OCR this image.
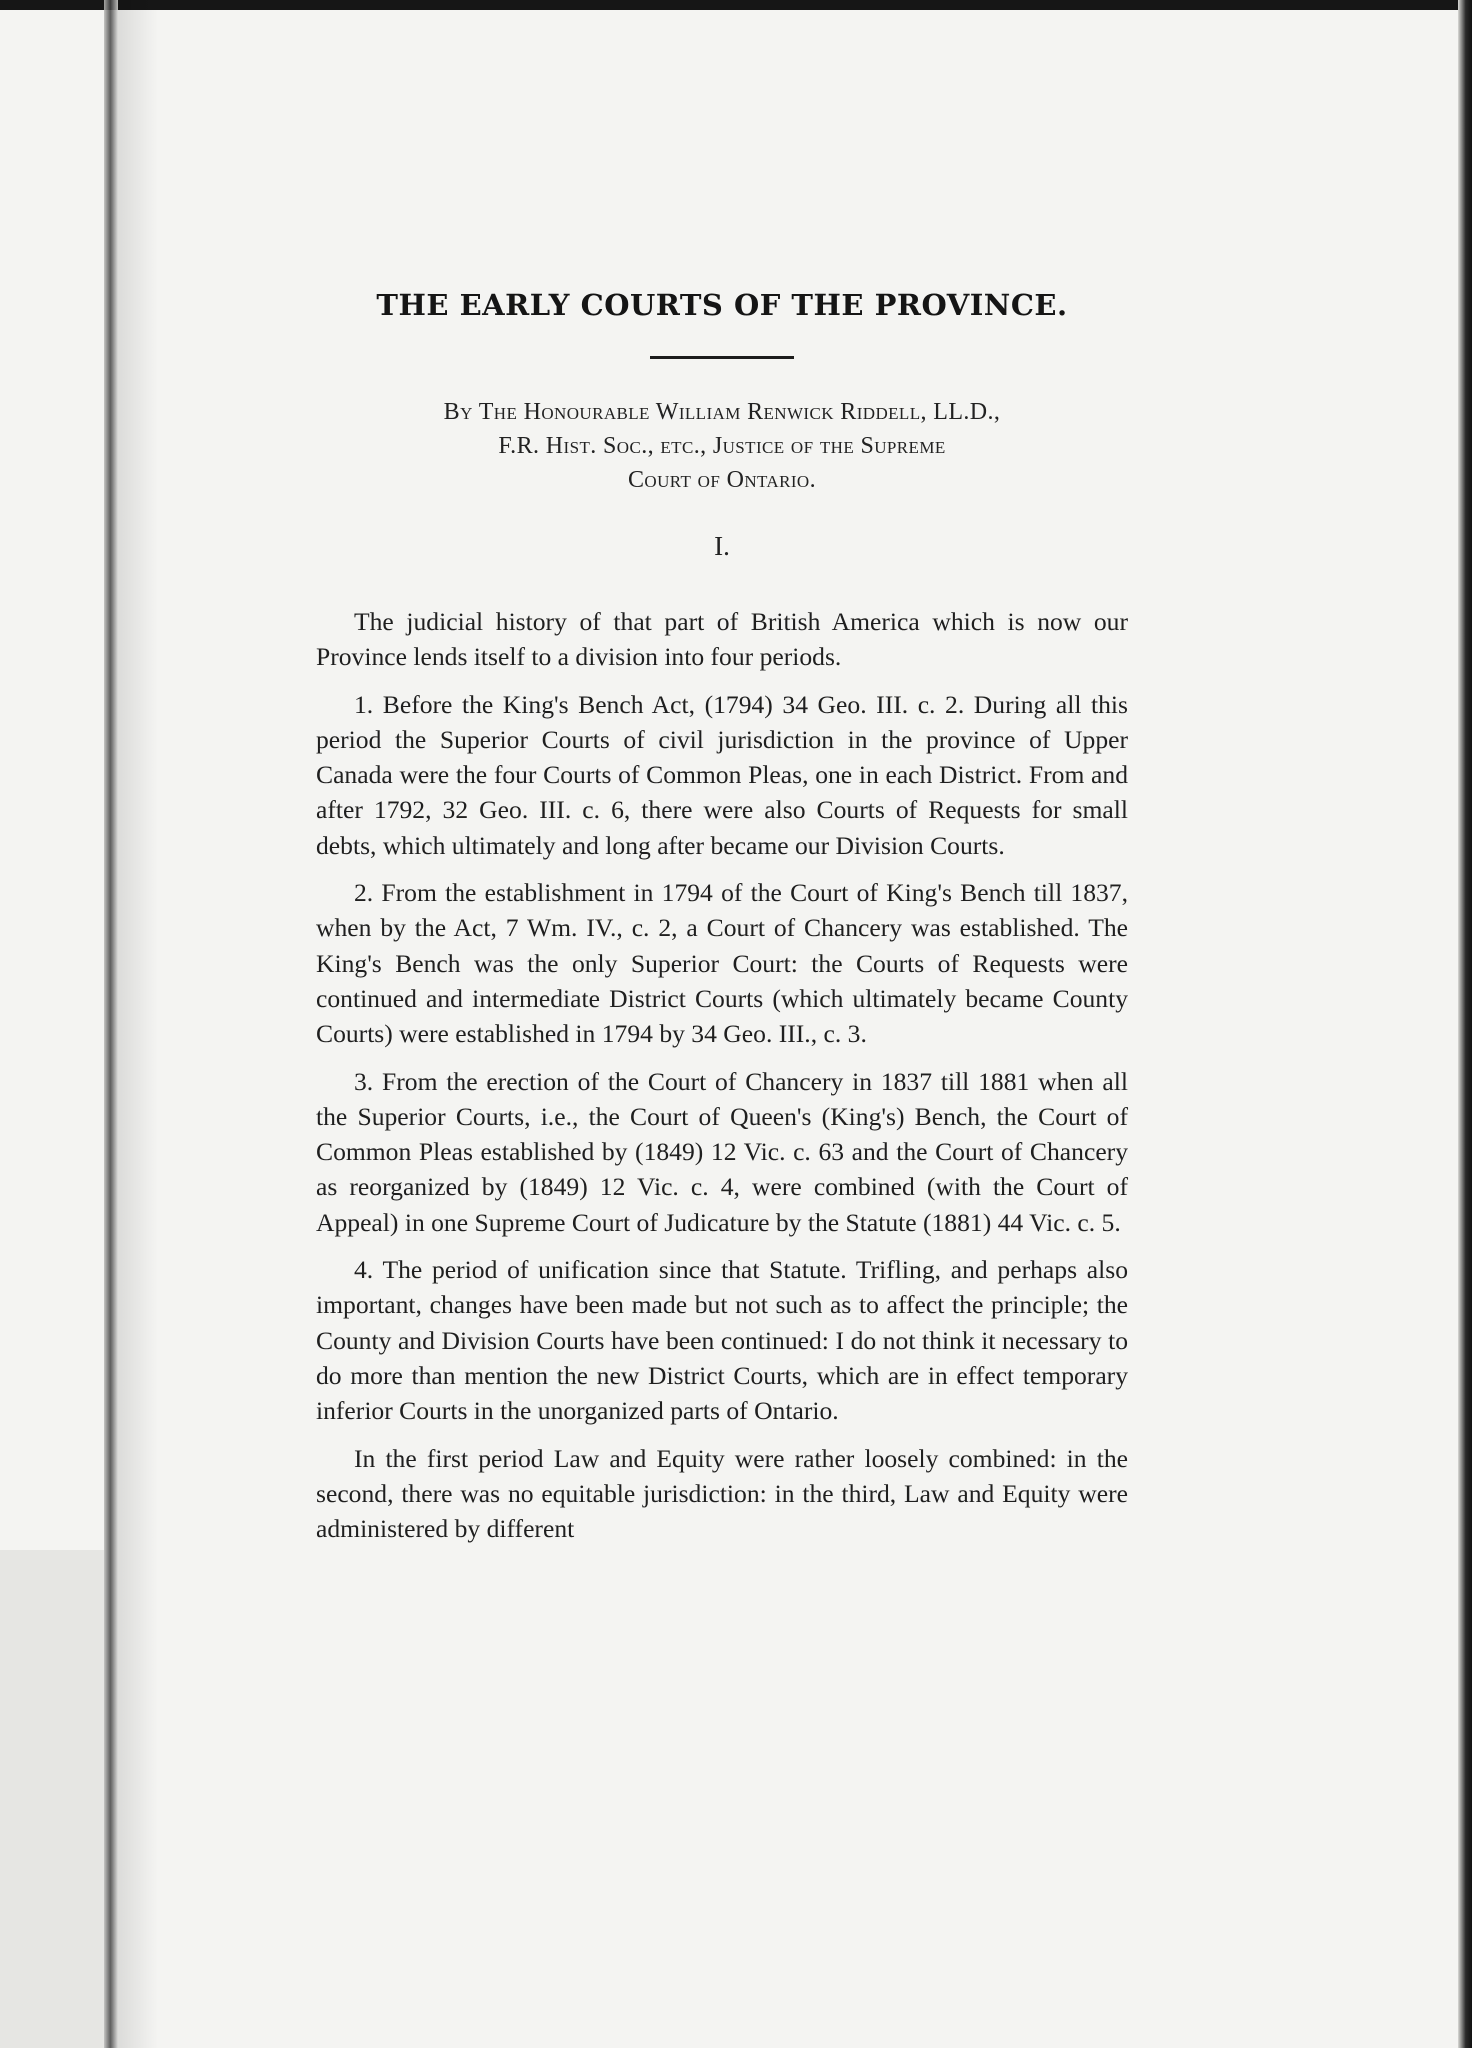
THE EARLY COURTS OF THE PROVINCE.
By The Honourable William Renwick Riddell, LL.D.,
F.R. Hist. Soc., etc., Justice of the Supreme
Court of Ontario.
I.

The judicial history of that part of British America which is now our Province lends itself to a division into four periods.

1. Before the King's Bench Act, (1794) 34 Geo. III. c. 2. During all this period the Superior Courts of civil jurisdiction in the province of Upper Canada were the four Courts of Common Pleas, one in each District. From and after 1792, 32 Geo. III. c. 6, there were also Courts of Requests for small debts, which ultimately and long after became our Division Courts.

2. From the establishment in 1794 of the Court of King's Bench till 1837, when by the Act, 7 Wm. IV., c. 2, a Court of Chancery was established. The King's Bench was the only Superior Court: the Courts of Requests were continued and intermediate District Courts (which ultimately became County Courts) were established in 1794 by 34 Geo. III., c. 3.

3. From the erection of the Court of Chancery in 1837 till 1881 when all the Superior Courts, i.e., the Court of Queen's (King's) Bench, the Court of Common Pleas established by (1849) 12 Vic. c. 63 and the Court of Chancery as reorganized by (1849) 12 Vic. c. 4, were combined (with the Court of Appeal) in one Supreme Court of Judicature by the Statute (1881) 44 Vic. c. 5.

4. The period of unification since that Statute. Trifling, and perhaps also important, changes have been made but not such as to affect the principle; the County and Division Courts have been continued: I do not think it necessary to do more than mention the new District Courts, which are in effect temporary inferior Courts in the unorganized parts of Ontario.

In the first period Law and Equity were rather loosely combined: in the second, there was no equitable jurisdiction: in the third, Law and Equity were administered by different
